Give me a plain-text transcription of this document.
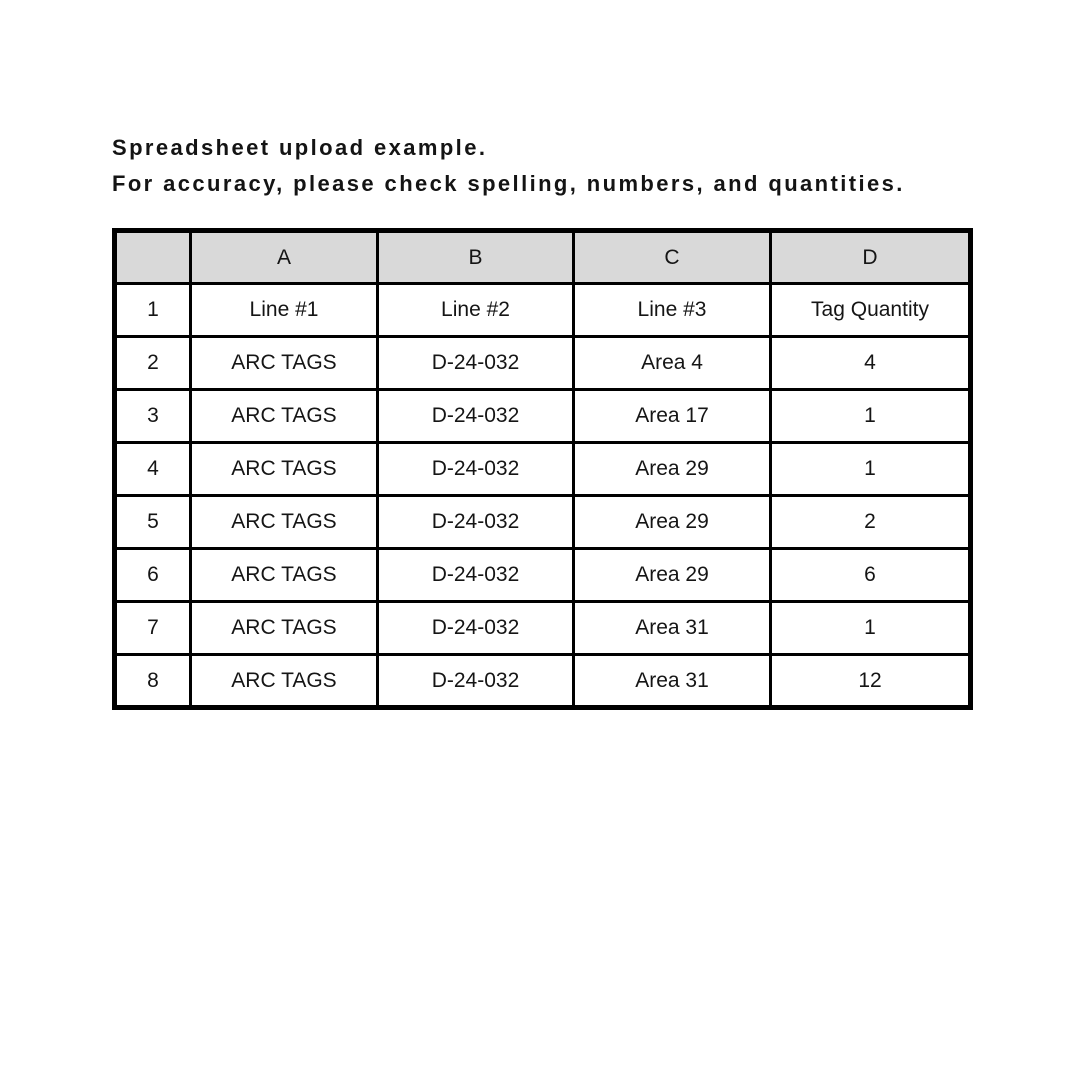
Spreadsheet upload example.
For accuracy, please check spelling, numbers, and quantities.
	A	B	C	D
1	Line #1	Line #2	Line #3	Tag Quantity
2	ARC TAGS	D-24-032	Area 4	4
3	ARC TAGS	D-24-032	Area 17	1
4	ARC TAGS	D-24-032	Area 29	1
5	ARC TAGS	D-24-032	Area 29	2
6	ARC TAGS	D-24-032	Area 29	6
7	ARC TAGS	D-24-032	Area 31	1
8	ARC TAGS	D-24-032	Area 31	12
